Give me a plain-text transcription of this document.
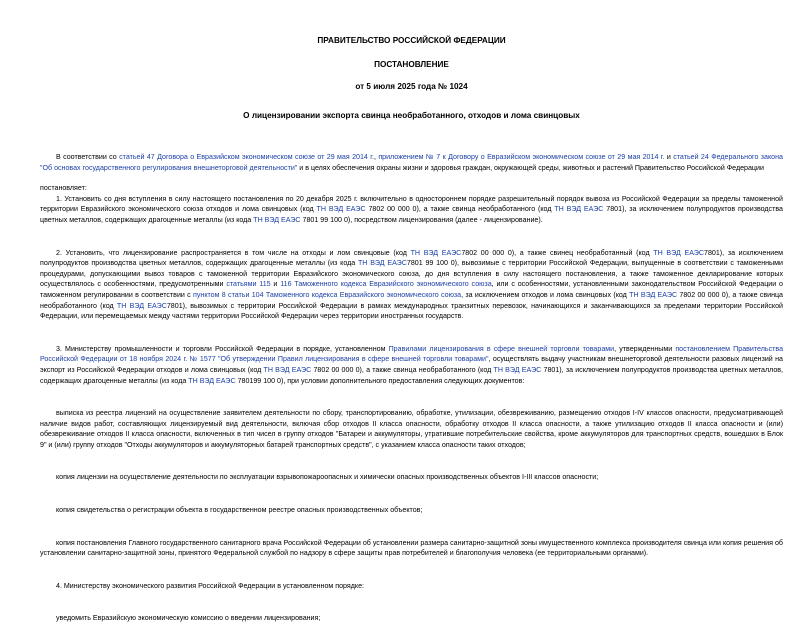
ПРАВИТЕЛЬСТВО РОССИЙСКОЙ ФЕДЕРАЦИИ
ПОСТАНОВЛЕНИЕ
от 5 июля 2025 года № 1024
О лицензировании экспорта свинца необработанного, отходов и лома свинцовых

В соответствии со статьей 47 Договора о Евразийском экономическом союзе от 29 мая 2014 г., приложением № 7 к Договору о Евразийском экономическом союзе от 29 мая 2014 г. и статьей 24 Федерального закона "Об основах государственного регулирования внешнеторговой деятельности" и в целях обеспечения охраны жизни и здоровья граждан, окружающей среды, животных и растений Правительство Российской Федерации

постановляет:

1. Установить со дня вступления в силу настоящего постановления по 20 декабря 2025 г. включительно в одностороннем порядке разрешительный порядок вывоза из Российской Федерации за пределы таможенной территории Евразийского экономического союза отходов и лома свинцовых (код ТН ВЭД ЕАЭС 7802 00 000 0), а также свинца необработанного (код ТН ВЭД ЕАЭС 7801), за исключением полупродуктов производства цветных металлов, содержащих драгоценные металлы (из кода ТН ВЭД ЕАЭС 7801 99 100 0), посредством лицензирования (далее - лицензирование).

2. Установить, что лицензирование распространяется в том числе на отходы и лом свинцовые (код ТН ВЭД ЕАЭС7802 00 000 0), а также свинец необработанный (код ТН ВЭД ЕАЭС7801), за исключением полупродуктов производства цветных металлов, содержащих драгоценные металлы (из кода ТН ВЭД ЕАЭС7801 99 100 0), вывозимые с территории Российской Федерации, выпущенные в соответствии с таможенными процедурами, допускающими вывоз товаров с таможенной территории Евразийского экономического союза, до дня вступления в силу настоящего постановления, а также таможенное декларирование которых осуществлялось с особенностями, предусмотренными статьями 115 и 116 Таможенного кодекса Евразийского экономического союза, или с особенностями, установленными законодательством Российской Федерации о таможенном регулировании в соответствии с пунктом 8 статьи 104 Таможенного кодекса Евразийского экономического союза, за исключением отходов и лома свинцовых (код ТН ВЭД ЕАЭС 7802 00 000 0), а также свинца необработанного (код ТН ВЭД ЕАЭС7801), вывозимых с территории Российской Федерации в рамках международных транзитных перевозок, начинающихся и заканчивающихся за пределами территории Российской Федерации, или перемещаемых между частями территории Российской Федерации через территории иностранных государств.

3. Министерству промышленности и торговли Российской Федерации в порядке, установленном Правилами лицензирования в сфере внешней торговли товарами, утвержденными постановлением Правительства Российской Федерации от 18 ноября 2024 г. № 1577 "Об утверждении Правил лицензирования в сфере внешней торговли товарами", осуществлять выдачу участникам внешнеторговой деятельности разовых лицензий на экспорт из Российской Федерации отходов и лома свинцовых (код ТН ВЭД ЕАЭС 7802 00 000 0), а также свинца необработанного (код ТН ВЭД ЕАЭС 7801), за исключением полупродуктов производства цветных металлов, содержащих драгоценные металлы (из кода ТН ВЭД ЕАЭС 780199 100 0), при условии дополнительного предоставления следующих документов:

выписка из реестра лицензий на осуществление заявителем деятельности по сбору, транспортированию, обработке, утилизации, обезвреживанию, размещению отходов I-IV классов опасности, предусматривающей наличие видов работ, составляющих лицензируемый вид деятельности, включая сбор отходов II класса опасности, обработку отходов II класса опасности, а также утилизацию отходов II класса опасности и (или) обезвреживание отходов II класса опасности, включенных в тип чисел в группу отходов "Батареи и аккумуляторы, утратившие потребительские свойства, кроме аккумуляторов для транспортных средств, вошедших в Блок 9" и (или) группу отходов "Отходы аккумуляторов и аккумуляторных батарей транспортных средств", с указанием класса опасности таких отходов;

копия лицензии на осуществление деятельности по эксплуатации взрывопожароопасных и химически опасных производственных объектов I-III классов опасности;

копия свидетельства о регистрации объекта в государственном реестре опасных производственных объектов;

копия постановления Главного государственного санитарного врача Российской Федерации об установлении размера санитарно-защитной зоны имущественного комплекса производителя свинца или копия решения об установлении санитарно-защитной зоны, принятого Федеральной службой по надзору в сфере защиты прав потребителей и благополучия человека (ее территориальными органами).

4. Министерству экономического развития Российской Федерации в установленном порядке:

уведомить Евразийскую экономическую комиссию о введении лицензирования;
